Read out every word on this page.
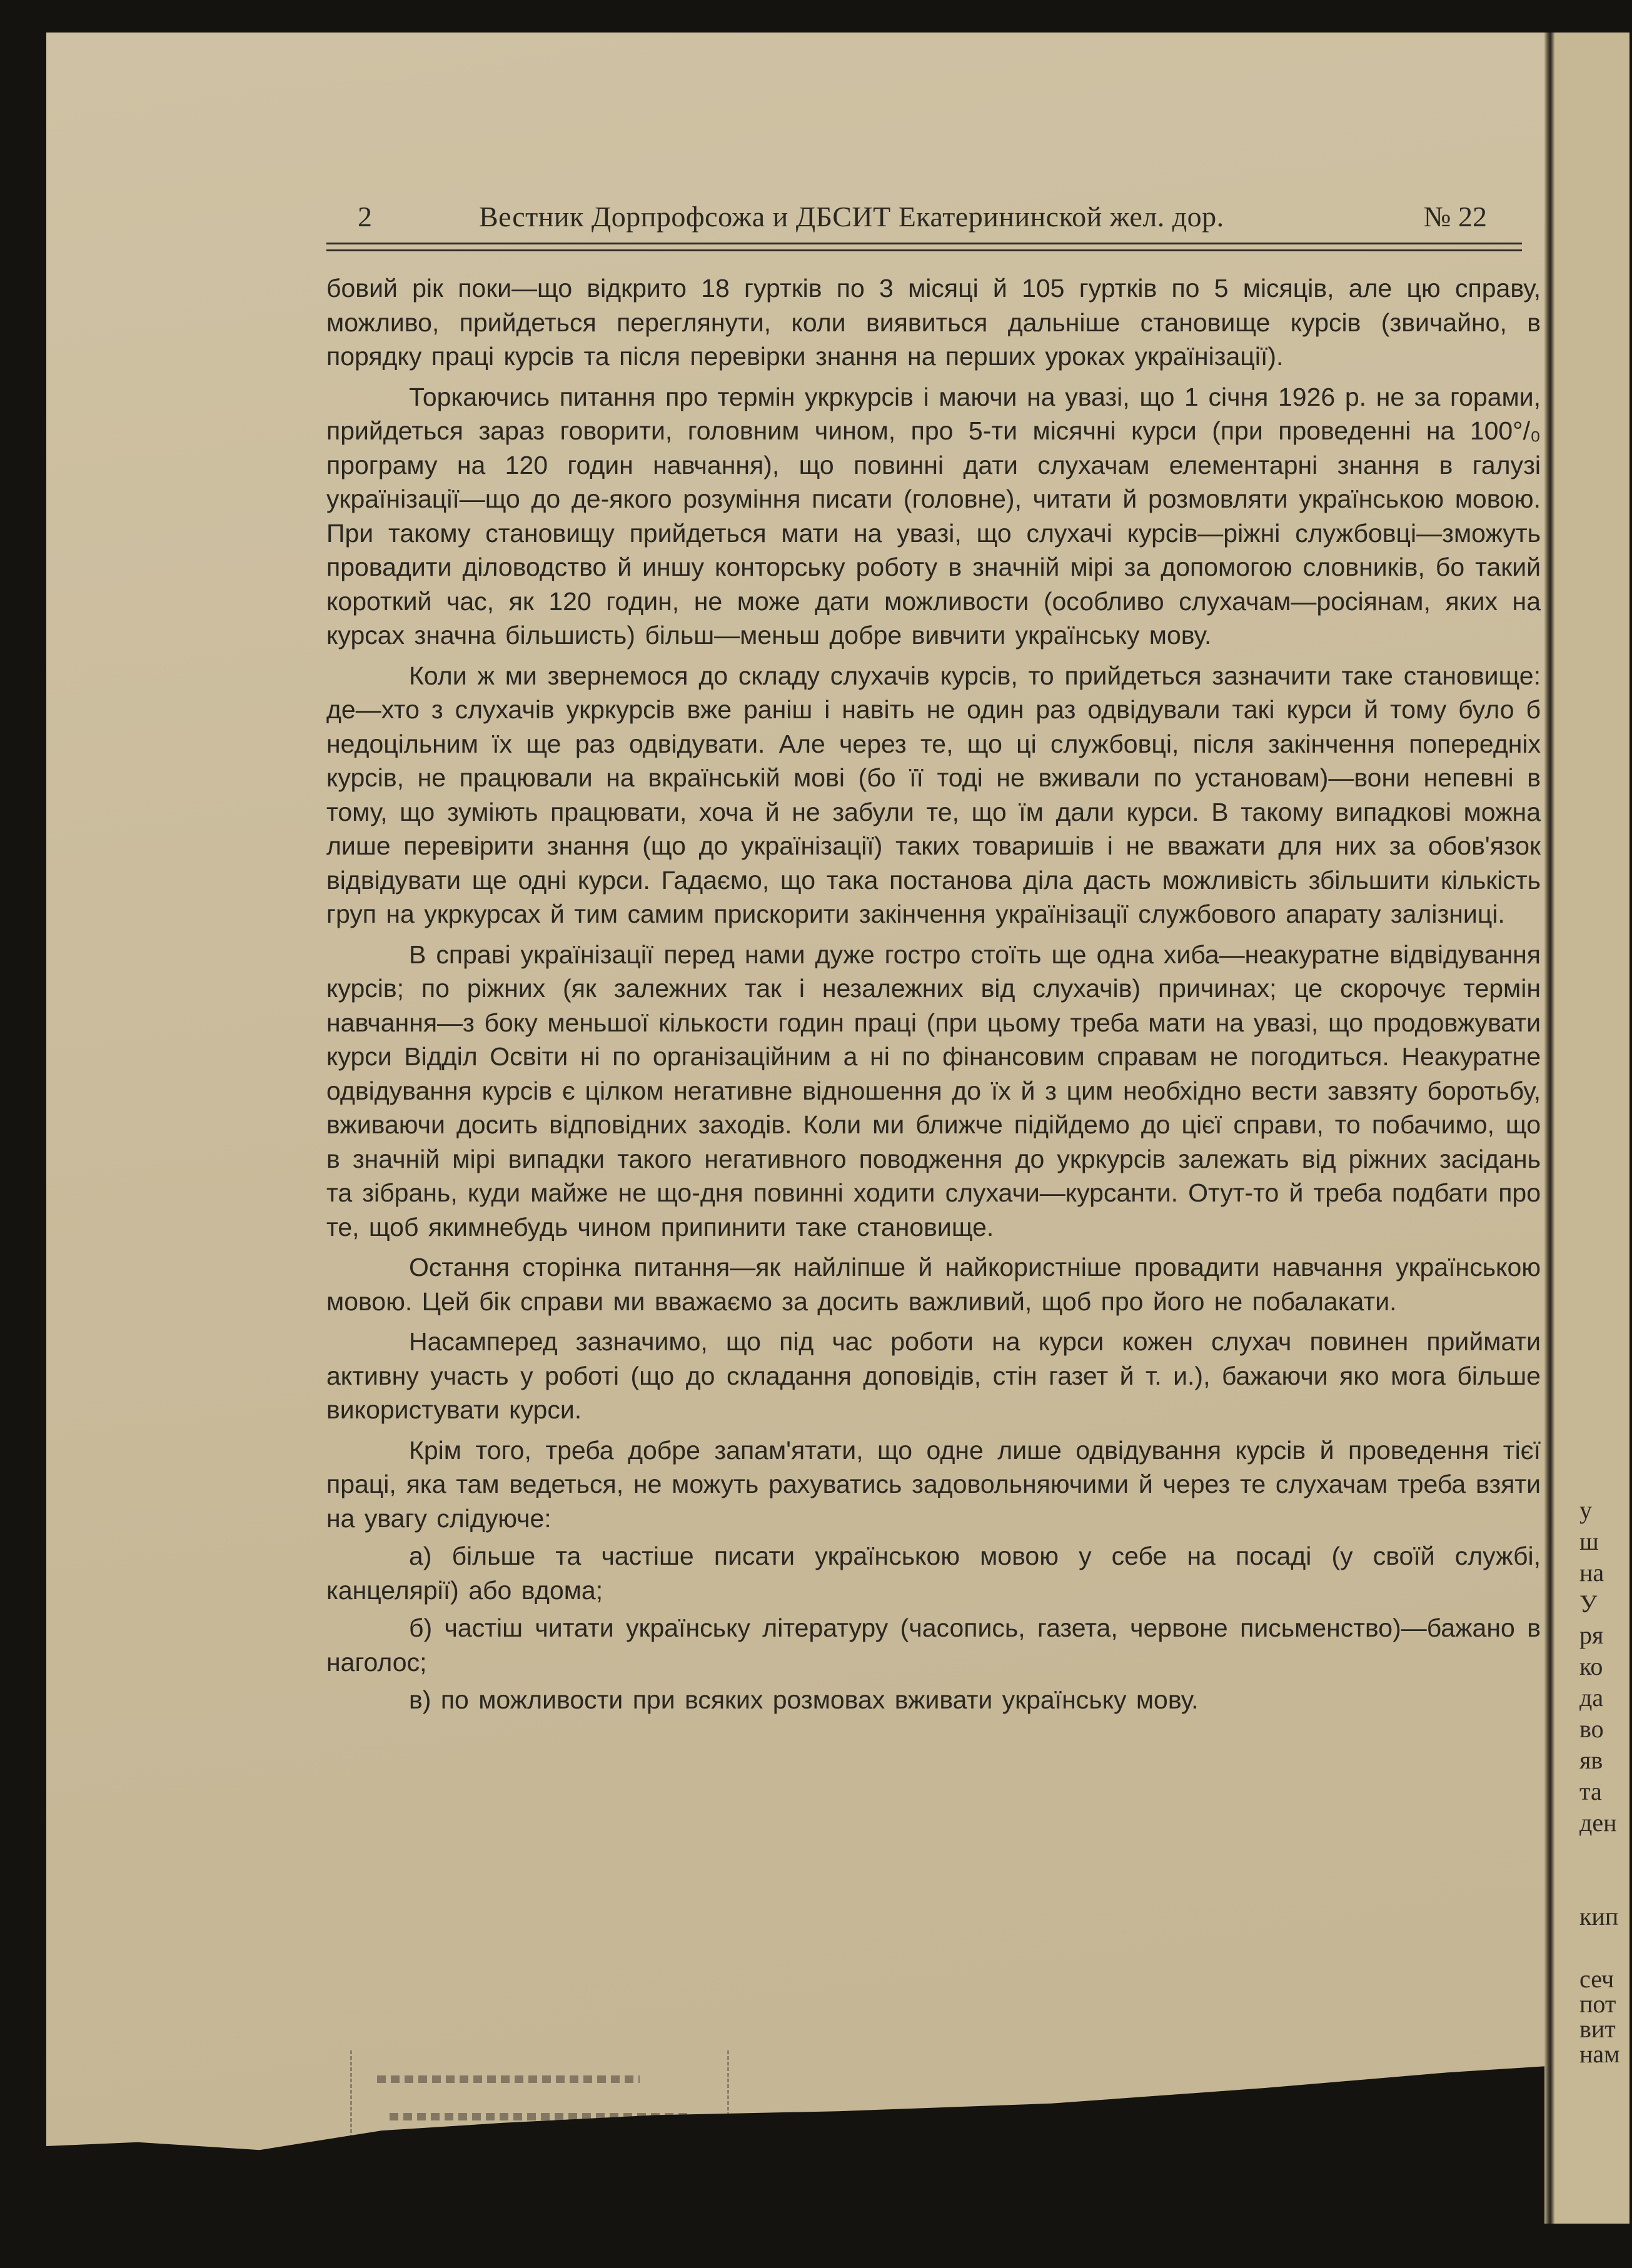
2	Вестник Дорпрофсожа и ДБСИТ Екатерининской жел. дор.	№ 22

бовий рік поки—що відкрито 18 гуртків по 3 місяці й 105 гуртків по 5 місяців, але цю справу, можливо, прийдеться переглянути, коли виявиться дальніше становище курсів (звичайно, в порядку праці курсів та після перевірки знання на перших уроках українізації).

Торкаючись питання про термін укркурсів і маючи на увазі, що 1 січня 1926 р. не за горами, прийдеться зараз говорити, головним чином, про 5-ти місячні курси (при проведенні на 100°/₀ програму на 120 годин навчання), що повинні дати слухачам елементарні знання в галузі українізації—що до де-якого розуміння писати (головне), читати й розмовляти українською мовою. При такому становищу прийдеться мати на увазі, що слухачі курсів—ріжні службовці—зможуть провадити діловодство й иншу конторську роботу в значній мірі за допомогою словників, бо такий короткий час, як 120 годин, не може дати можливости (особливо слухачам—росіянам, яких на курсах значна більшисть) більш—меньш добре вивчити українську мову.

Коли ж ми звернемося до складу слухачів курсів, то прийдеться зазначити таке становище: де—хто з слухачів укркурсів вже раніш і навіть не один раз одвідували такі курси й тому було б недоцільним їх ще раз одвідувати. Але через те, що ці службовці, після закінчення попередніх курсів, не працювали на вкраїнській мові (бо її тоді не вживали по установам)—вони непевні в тому, що зуміють працювати, хоча й не забули те, що їм дали курси. В такому випадкові можна лише перевірити знання (що до українізації) таких товаришів і не вважати для них за обов'язок відвідувати ще одні курси. Гадаємо, що така постанова діла дасть можливість збільшити кількість груп на укркурсах й тим самим прискорити закінчення українізації службового апарату залізниці.

В справі українізації перед нами дуже гостро стоїть ще одна хиба—неакуратне відвідування курсів; по ріжних (як залежних так і незалежних від слухачів) причинах; це скорочує термін навчання—з боку меньшої кількости годин праці (при цьому треба мати на увазі, що продовжувати курси Відділ Освіти ні по організаційним а ні по фінансовим справам не погодиться. Неакуратне одвідування курсів є цілком негативне відношення до їх й з цим необхідно вести завзяту боротьбу, вживаючи досить відповідних заходів. Коли ми ближче підійдемо до цієї справи, то побачимо, що в значній мірі випадки такого негативного поводження до укркурсів залежать від ріжних засідань та зібрань, куди майже не що-дня повинні ходити слухачи—курсанти. Отут-то й треба подбати про те, щоб якимнебудь чином припинити таке становище.

Остання сторінка питання—як найліпше й найкористніше провадити навчання українською мовою. Цей бік справи ми вважаємо за досить важливий, щоб про його не побалакати.

Насамперед зазначимо, що під час роботи на курси кожен слухач повинен приймати активну участь у роботі (що до складання доповідів, стін газет й т. и.), бажаючи яко мога більше використувати курси.

Крім того, треба добре запам'ятати, що одне лише одвідування курсів й проведення тієї праці, яка там ведеться, не можуть рахуватись задовольняючими й через те слухачам треба взяти на увагу слідуюче:

а) більше та частіше писати українською мовою у себе на посаді (у своїй службі, канцелярії) або вдома;

б) частіш читати українську літературу (часопись, газета, червоне письменство)—бажано в наголос;

в) по можливости при всяких розмовах вживати українську мову.

у
ш
на
У
ря
ко
да
во
яв
та
ден
кип
сеч
пот
вит
нам
